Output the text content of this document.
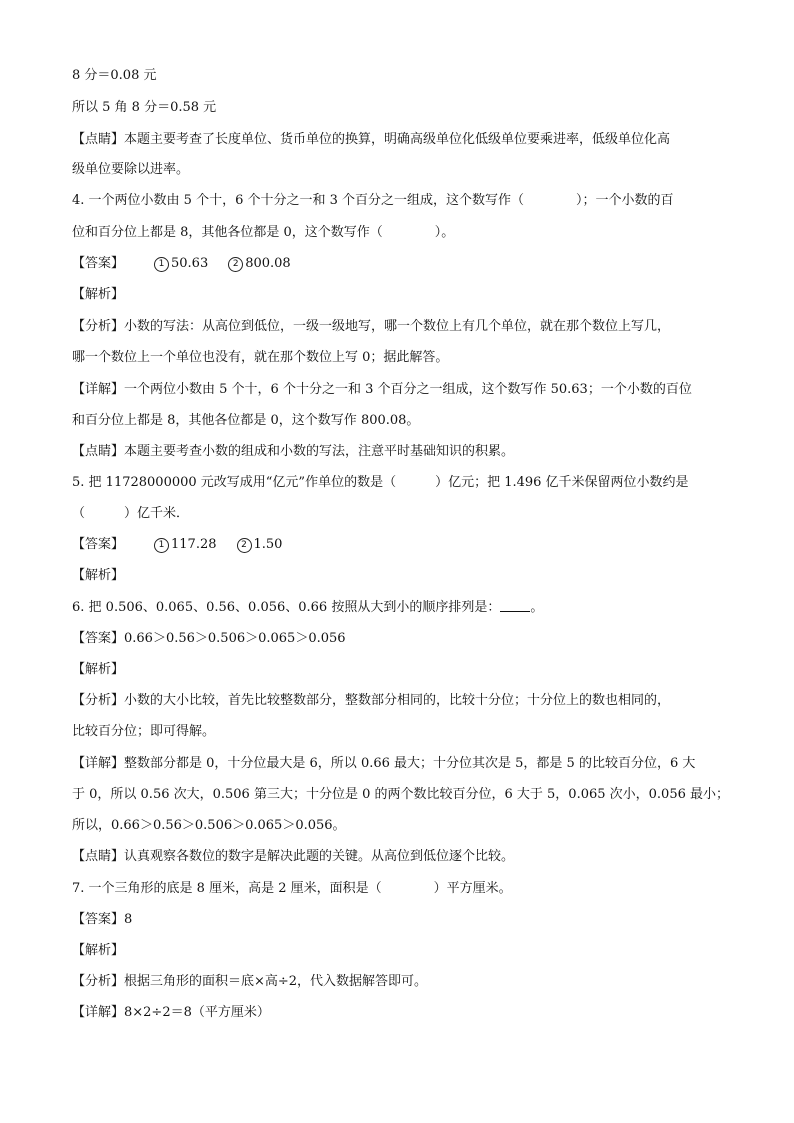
8 分＝0.08 元
所以 5 角 8 分＝0.58 元
【点睛】本题主要考查了长度单位、货币单位的换算，明确高级单位化低级单位要乘进率，低级单位化高
级单位要除以进率。
4. 一个两位小数由 5 个十，6 个十分之一和 3 个百分之一组成，这个数写作（　　　　）；一个小数的百
位和百分位上都是 8，其他各位都是 0，这个数写作（　　　　）。
【答案】	1 50.63	2 800.08
【解析】
【分析】小数的写法：从高位到低位，一级一级地写，哪一个数位上有几个单位，就在那个数位上写几，
哪一个数位上一个单位也没有，就在那个数位上写 0；据此解答。
【详解】一个两位小数由 5 个十，6 个十分之一和 3 个百分之一组成，这个数写作 50.63；一个小数的百位
和百分位上都是 8，其他各位都是 0，这个数写作 800.08。
【点睛】本题主要考查小数的组成和小数的写法，注意平时基础知识的积累。
5. 把 11728000000 元改写成用“亿元”作单位的数是（　　　）亿元；把 1.496 亿千米保留两位小数约是
（　　　）亿千米．
【答案】	1 117.28	2 1.50
【解析】
6. 把 0.506、0.065、0.56、0.056、0.66 按照从大到小的顺序排列是： 。
【答案】0.66＞0.56＞0.506＞0.065＞0.056
【解析】
【分析】小数的大小比较，首先比较整数部分，整数部分相同的，比较十分位；十分位上的数也相同的，
比较百分位；即可得解。
【详解】整数部分都是 0，十分位最大是 6，所以 0.66 最大；十分位其次是 5，都是 5 的比较百分位，6 大
于 0，所以 0.56 次大，0.506 第三大；十分位是 0 的两个数比较百分位，6 大于 5，0.065 次小，0.056 最小；
所以，0.66＞0.56＞0.506＞0.065＞0.056。
【点睛】认真观察各数位的数字是解决此题的关键。从高位到低位逐个比较。
7. 一个三角形的底是 8 厘米，高是 2 厘米，面积是（　　　　）平方厘米。
【答案】8
【解析】
【分析】根据三角形的面积＝底×高÷2，代入数据解答即可。
【详解】8×2÷2＝8（平方厘米）
